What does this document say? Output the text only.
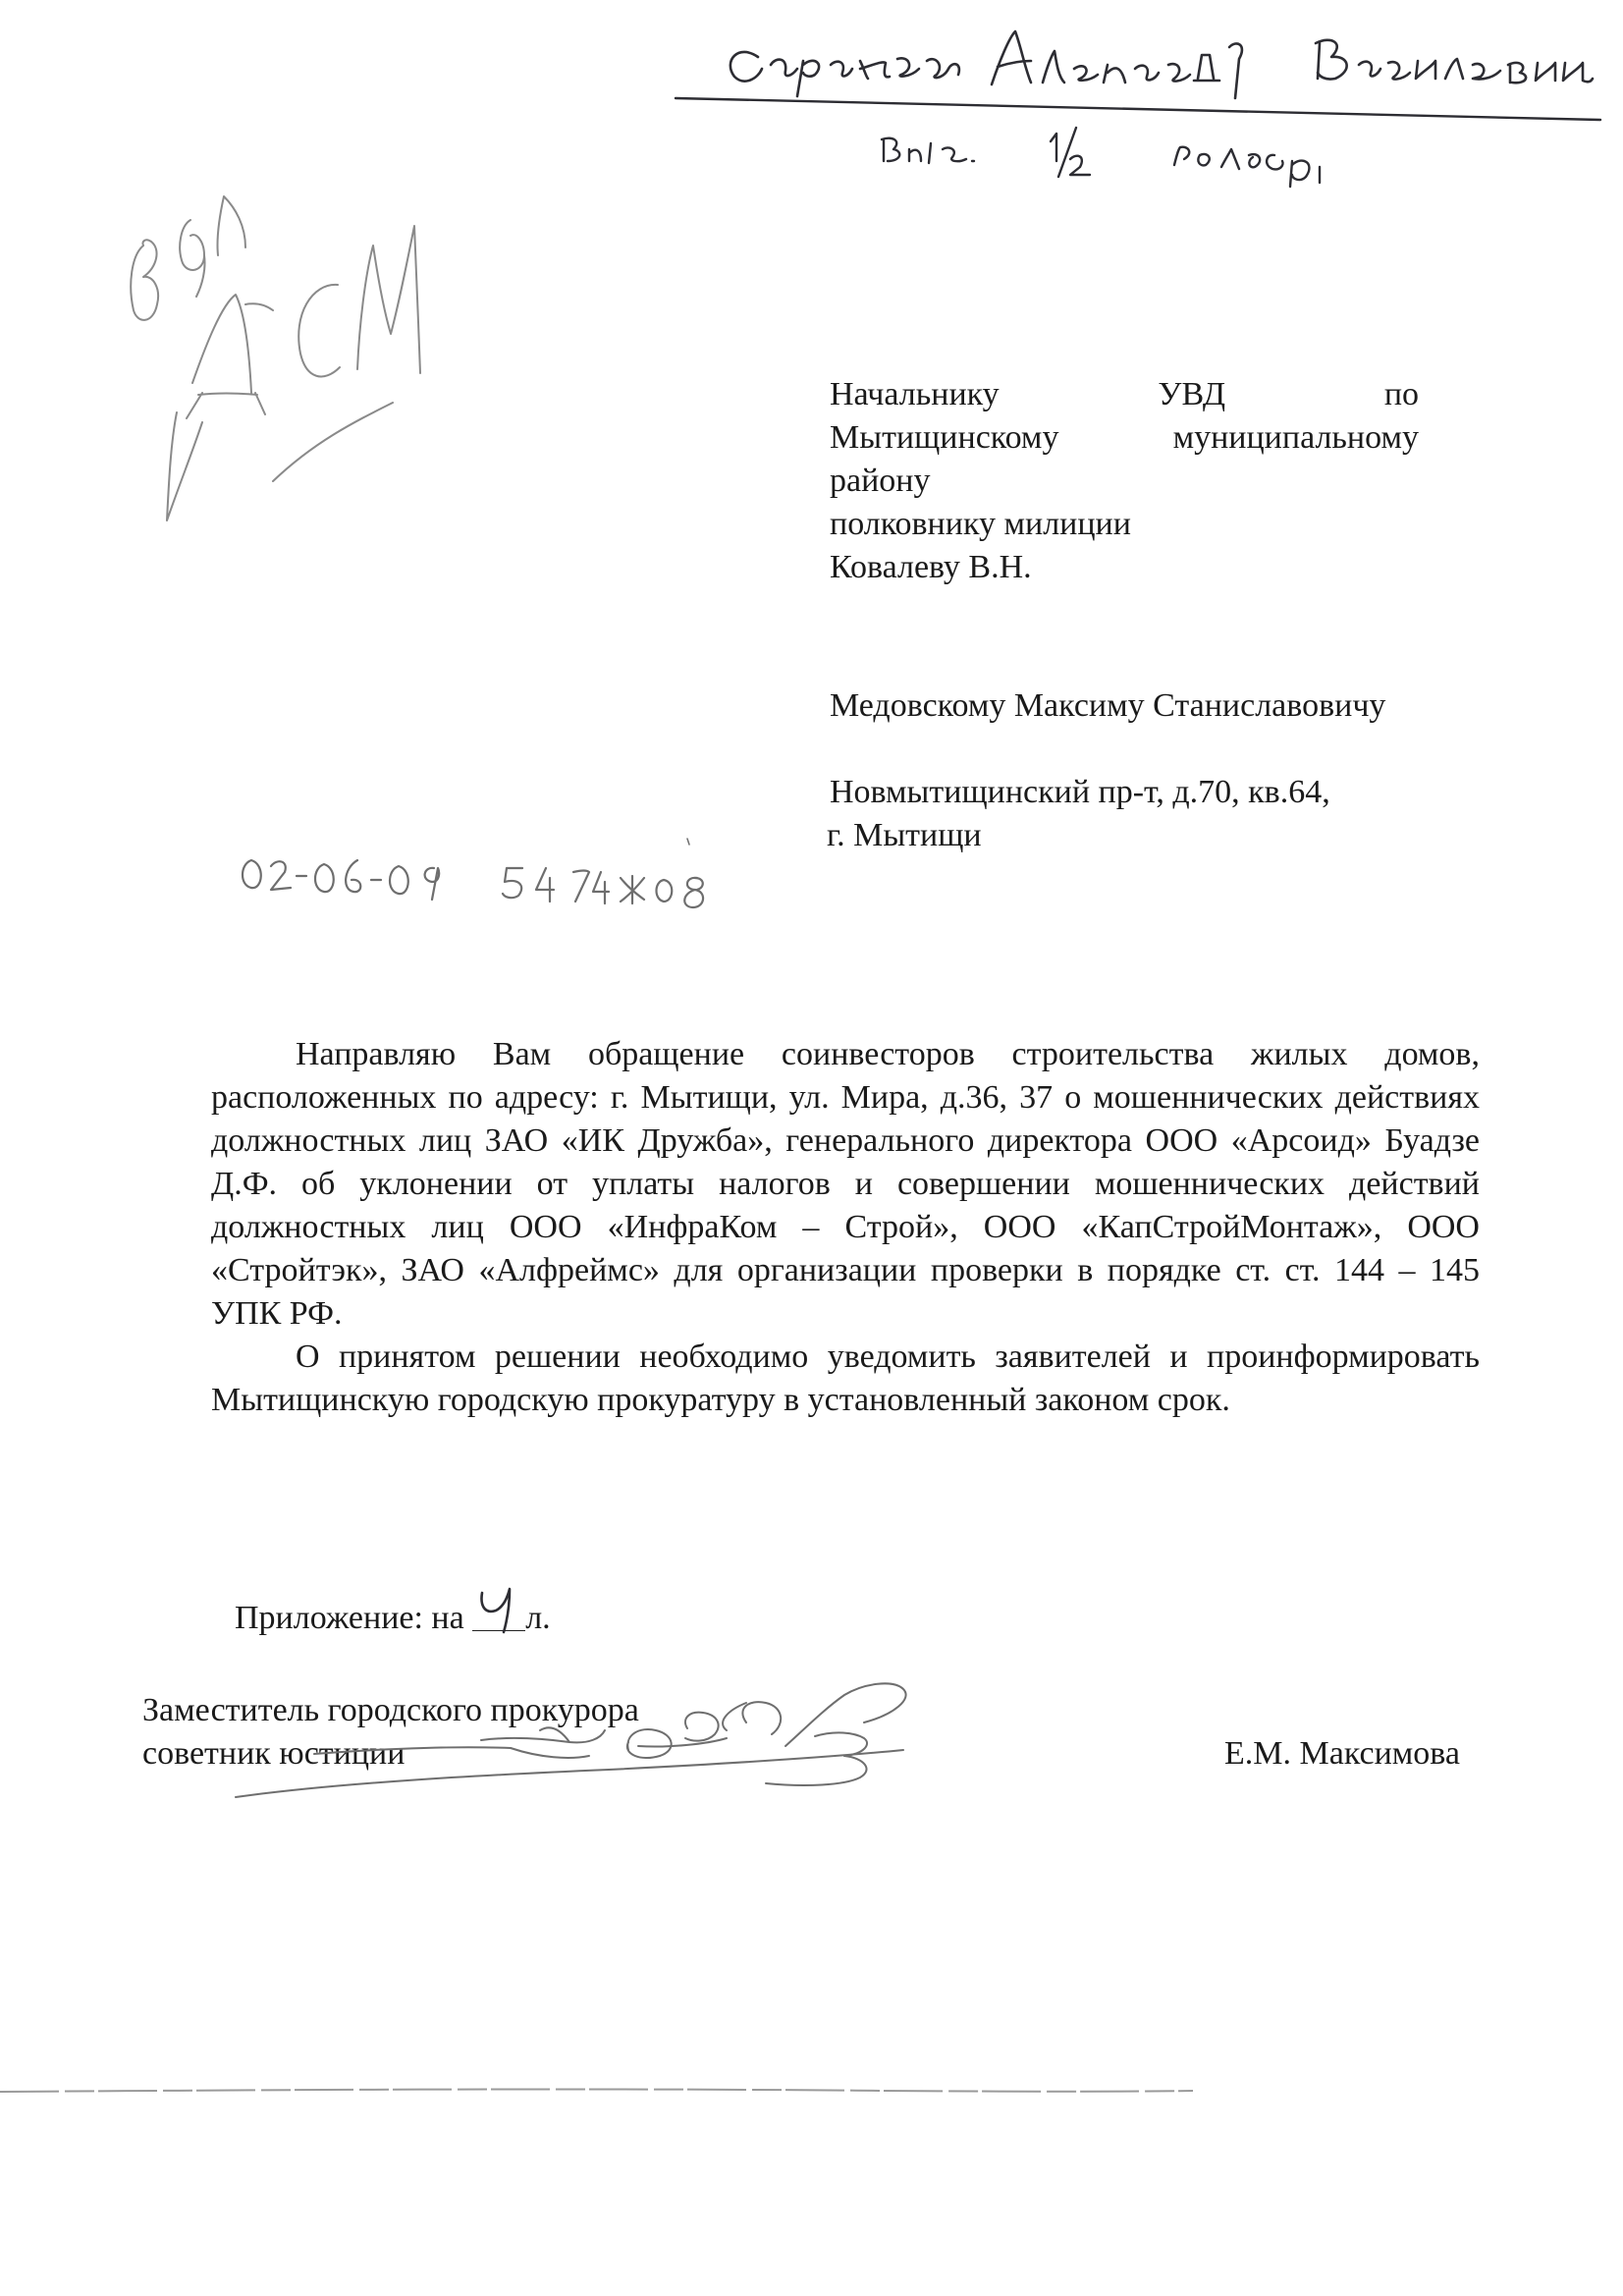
Начальнику	УВД	по
Мытищинскому	муниципальному
району
полковнику милиции
Ковалеву В.Н.
Медовскому Максиму Станиславовичу
Новмытищинский пр-т, д.70, кв.64,
г. Мытищи

Направляю Вам обращение соинвесторов строительства жилых домов, расположенных по адресу: г. Мытищи, ул. Мира, д.36, 37 о мошеннических действиях должностных лиц ЗАО «ИК Дружба», генерального директора ООО «Арсоид» Буадзе Д.Ф. об уклонении от уплаты налогов и совершении мошеннических действий должностных лиц ООО «ИнфраКом – Строй», ООО «КапСтройМонтаж», ООО «Стройтэк», ЗАО «Алфреймс» для организации проверки в порядке ст. ст. 144 – 145 УПК РФ.

О принятом решении необходимо уведомить заявителей и проинформировать Мытищинскую городскую прокуратуру в установленный законом срок.

Приложение: на
л.

Заместитель городского прокурора
советник юстиции	Е.М. Максимова
